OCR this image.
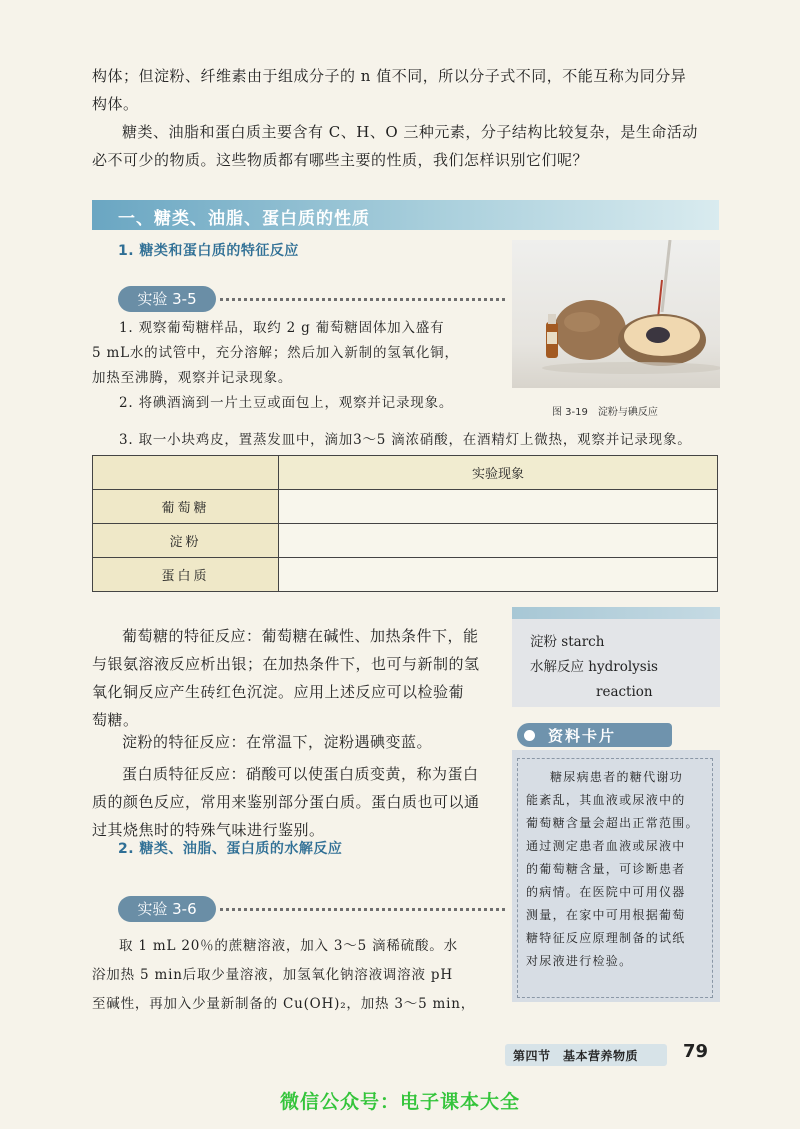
构体；但淀粉、纤维素由于组成分子的 n 值不同，所以分子式不同，不能互称为同分异

构体。

糖类、油脂和蛋白质主要含有 C、H、O 三种元素，分子结构比较复杂，是生命活动

必不可少的物质。这些物质都有哪些主要的性质，我们怎样识别它们呢？

一、糖类、油脂、蛋白质的性质
1. 糖类和蛋白质的特征反应
实验 3-5

1. 观察葡萄糖样品，取约 2 g 葡萄糖固体加入盛有

5 mL水的试管中，充分溶解；然后加入新制的氢氧化铜，

加热至沸腾，观察并记录现象。

2. 将碘酒滴到一片土豆或面包上，观察并记录现象。

3. 取一小块鸡皮，置蒸发皿中，滴加3～5 滴浓硝酸，在酒精灯上微热，观察并记录现象。

图 3-19　淀粉与碘反应
	实验现象
葡萄糖	
淀粉	
蛋白质	

葡萄糖的特征反应：葡萄糖在碱性、加热条件下，能

与银氨溶液反应析出银；在加热条件下，也可与新制的氢

氧化铜反应产生砖红色沉淀。应用上述反应可以检验葡

萄糖。

淀粉的特征反应：在常温下，淀粉遇碘变蓝。

蛋白质特征反应：硝酸可以使蛋白质变黄，称为蛋白

质的颜色反应，常用来鉴别部分蛋白质。蛋白质也可以通

过其烧焦时的特殊气味进行鉴别。

2. 糖类、油脂、蛋白质的水解反应
淀粉 starch
水解反应 hydrolysis
reaction
资料卡片

糖尿病患者的糖代谢功

能紊乱，其血液或尿液中的

葡萄糖含量会超出正常范围。

通过测定患者血液或尿液中

的葡萄糖含量，可诊断患者

的病情。在医院中可用仪器

测量，在家中可用根据葡萄

糖特征反应原理制备的试纸

对尿液进行检验。

实验 3-6

取 1 mL 20％的蔗糖溶液，加入 3～5 滴稀硫酸。水

浴加热 5 min后取少量溶液，加氢氧化钠溶液调溶液 pH

至碱性，再加入少量新制备的 Cu(OH)₂，加热 3～5 min，

第四节　基本营养物质 79
微信公众号：电子课本大全
